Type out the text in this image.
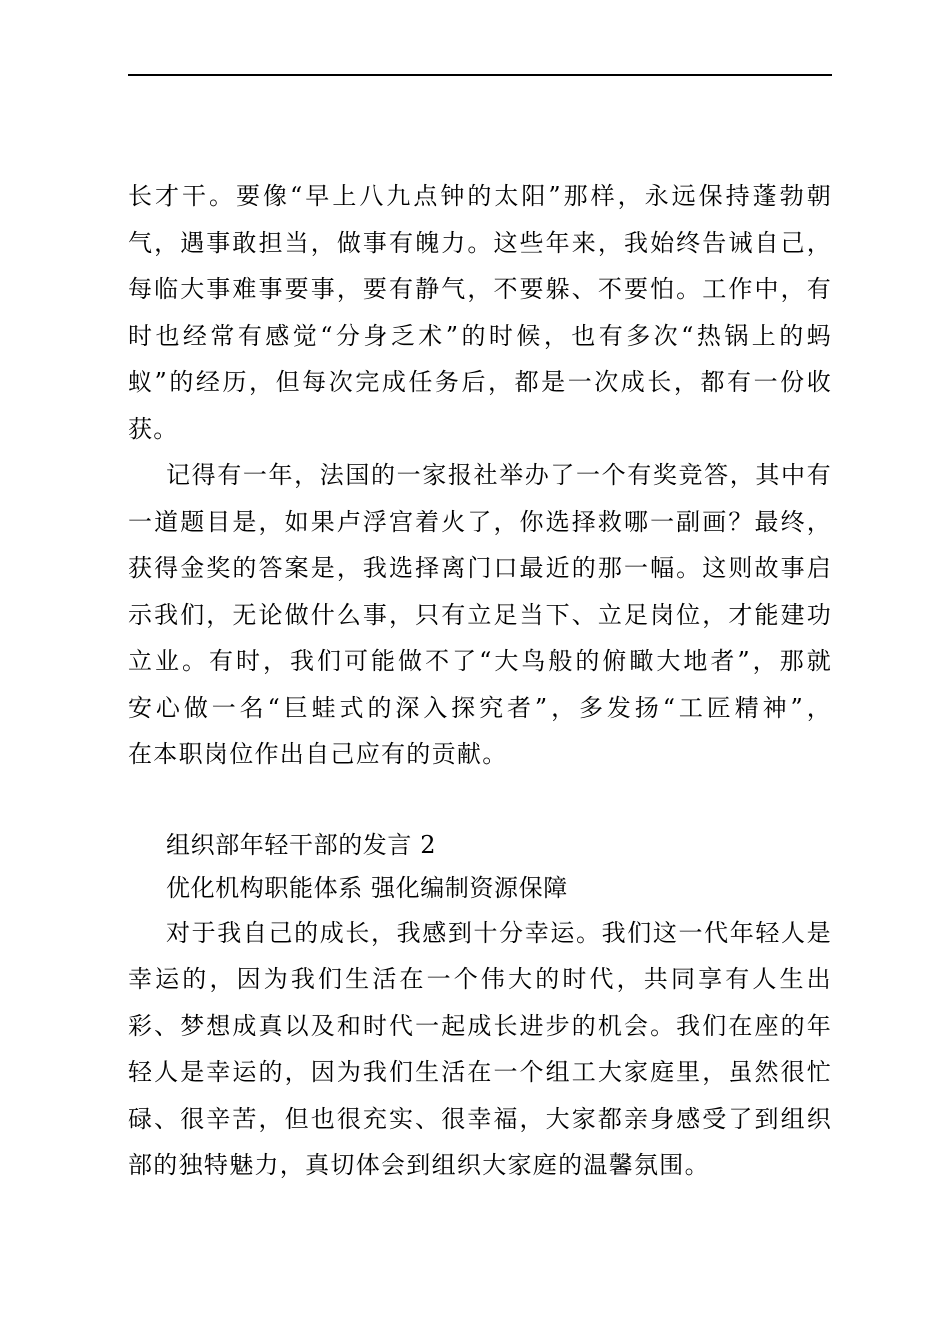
长才干。要像“早上八九点钟的太阳”那样，永远保持蓬勃朝
气，遇事敢担当，做事有魄力。这些年来，我始终告诫自己，
每临大事难事要事，要有静气，不要躲、不要怕。工作中，有
时也经常有感觉“分身乏术”的时候，也有多次“热锅上的蚂
蚁”的经历，但每次完成任务后，都是一次成长，都有一份收
获。

记得有一年，法国的一家报社举办了一个有奖竞答，其中有
一道题目是，如果卢浮宫着火了，你选择救哪一副画？最终，
获得金奖的答案是，我选择离门口最近的那一幅。这则故事启
示我们，无论做什么事，只有立足当下、立足岗位，才能建功
立业。有时，我们可能做不了“大鸟般的俯瞰大地者”，那就
安心做一名“巨蛙式的深入探究者”，多发扬“工匠精神”，
在本职岗位作出自己应有的贡献。

组织部年轻干部的发言 2

优化机构职能体系 强化编制资源保障

对于我自己的成长，我感到十分幸运。我们这一代年轻人是
幸运的，因为我们生活在一个伟大的时代，共同享有人生出
彩、梦想成真以及和时代一起成长进步的机会。我们在座的年
轻人是幸运的，因为我们生活在一个组工大家庭里，虽然很忙
碌、很辛苦，但也很充实、很幸福，大家都亲身感受了到组织
部的独特魅力，真切体会到组织大家庭的温馨氛围。
